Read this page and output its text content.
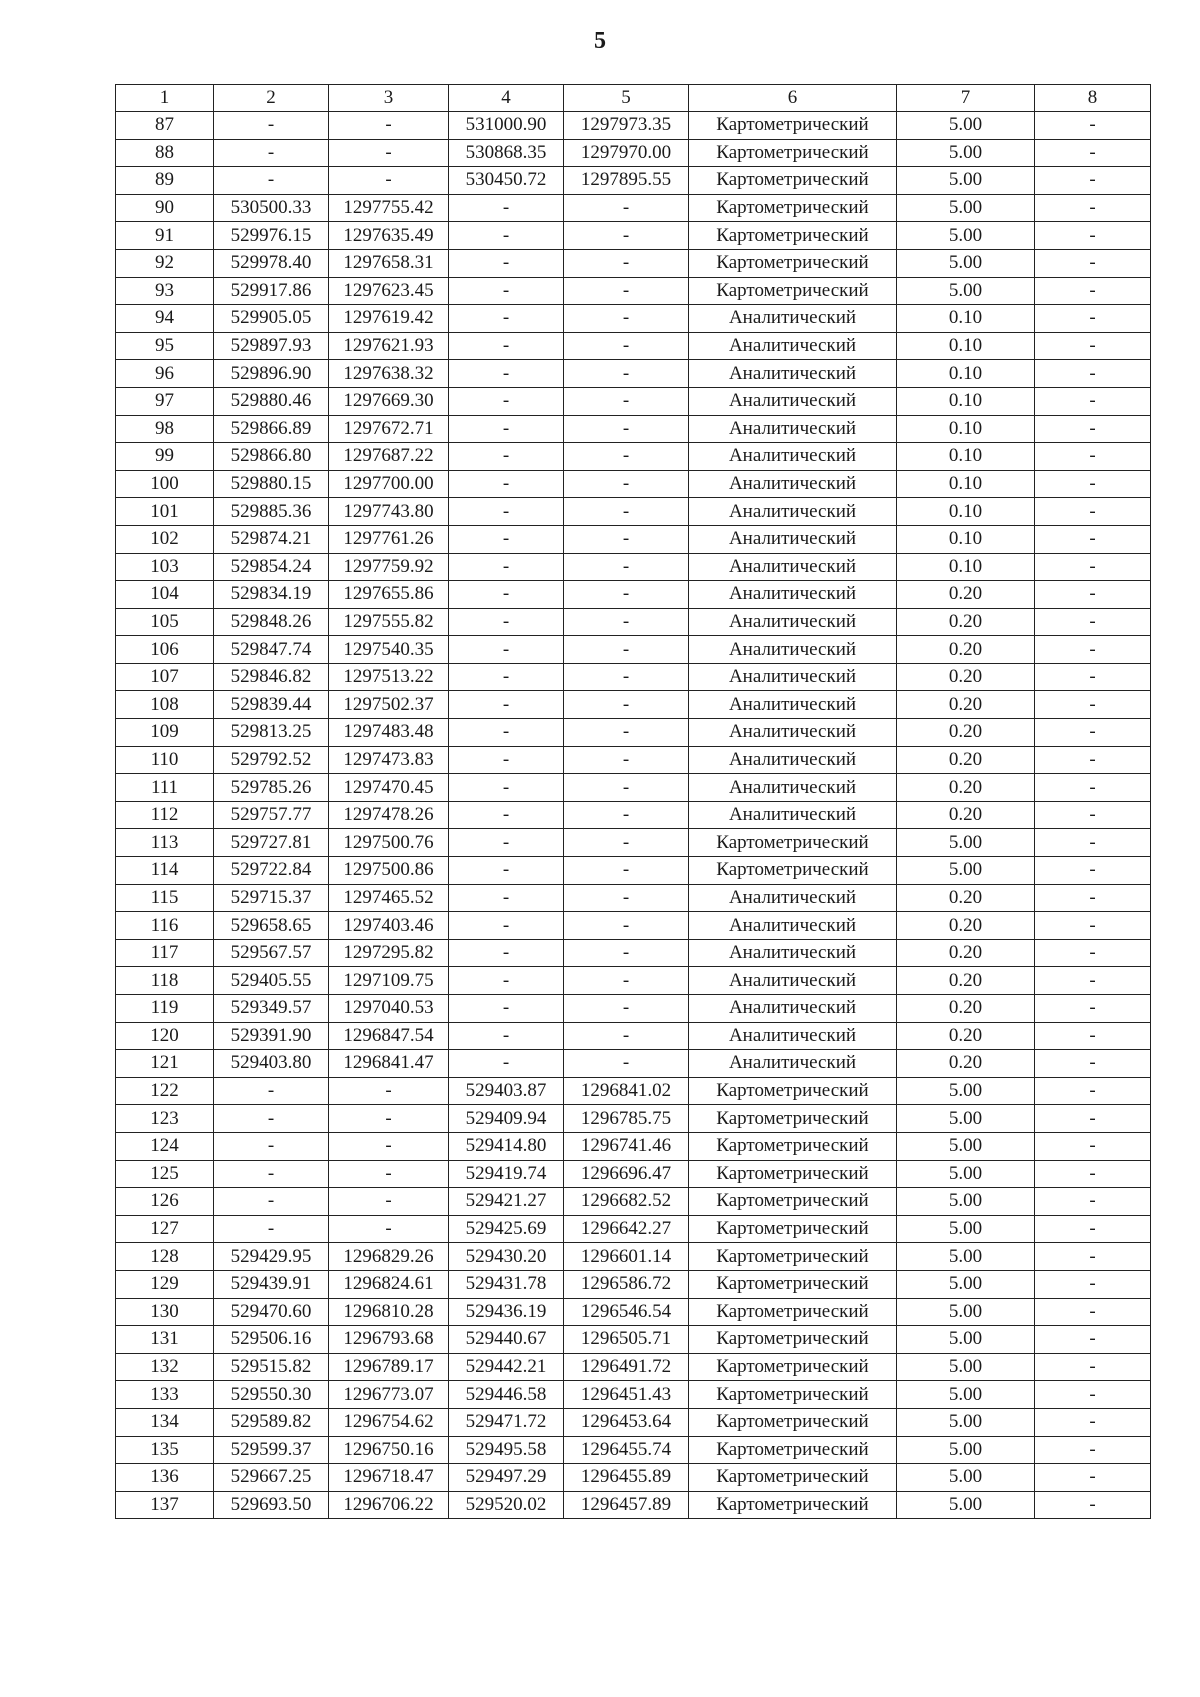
5
1	2	3	4	5	6	7	8
87	-	-	531000.90	1297973.35	Картометрический	5.00	-
88	-	-	530868.35	1297970.00	Картометрический	5.00	-
89	-	-	530450.72	1297895.55	Картометрический	5.00	-
90	530500.33	1297755.42	-	-	Картометрический	5.00	-
91	529976.15	1297635.49	-	-	Картометрический	5.00	-
92	529978.40	1297658.31	-	-	Картометрический	5.00	-
93	529917.86	1297623.45	-	-	Картометрический	5.00	-
94	529905.05	1297619.42	-	-	Аналитический	0.10	-
95	529897.93	1297621.93	-	-	Аналитический	0.10	-
96	529896.90	1297638.32	-	-	Аналитический	0.10	-
97	529880.46	1297669.30	-	-	Аналитический	0.10	-
98	529866.89	1297672.71	-	-	Аналитический	0.10	-
99	529866.80	1297687.22	-	-	Аналитический	0.10	-
100	529880.15	1297700.00	-	-	Аналитический	0.10	-
101	529885.36	1297743.80	-	-	Аналитический	0.10	-
102	529874.21	1297761.26	-	-	Аналитический	0.10	-
103	529854.24	1297759.92	-	-	Аналитический	0.10	-
104	529834.19	1297655.86	-	-	Аналитический	0.20	-
105	529848.26	1297555.82	-	-	Аналитический	0.20	-
106	529847.74	1297540.35	-	-	Аналитический	0.20	-
107	529846.82	1297513.22	-	-	Аналитический	0.20	-
108	529839.44	1297502.37	-	-	Аналитический	0.20	-
109	529813.25	1297483.48	-	-	Аналитический	0.20	-
110	529792.52	1297473.83	-	-	Аналитический	0.20	-
111	529785.26	1297470.45	-	-	Аналитический	0.20	-
112	529757.77	1297478.26	-	-	Аналитический	0.20	-
113	529727.81	1297500.76	-	-	Картометрический	5.00	-
114	529722.84	1297500.86	-	-	Картометрический	5.00	-
115	529715.37	1297465.52	-	-	Аналитический	0.20	-
116	529658.65	1297403.46	-	-	Аналитический	0.20	-
117	529567.57	1297295.82	-	-	Аналитический	0.20	-
118	529405.55	1297109.75	-	-	Аналитический	0.20	-
119	529349.57	1297040.53	-	-	Аналитический	0.20	-
120	529391.90	1296847.54	-	-	Аналитический	0.20	-
121	529403.80	1296841.47	-	-	Аналитический	0.20	-
122	-	-	529403.87	1296841.02	Картометрический	5.00	-
123	-	-	529409.94	1296785.75	Картометрический	5.00	-
124	-	-	529414.80	1296741.46	Картометрический	5.00	-
125	-	-	529419.74	1296696.47	Картометрический	5.00	-
126	-	-	529421.27	1296682.52	Картометрический	5.00	-
127	-	-	529425.69	1296642.27	Картометрический	5.00	-
128	529429.95	1296829.26	529430.20	1296601.14	Картометрический	5.00	-
129	529439.91	1296824.61	529431.78	1296586.72	Картометрический	5.00	-
130	529470.60	1296810.28	529436.19	1296546.54	Картометрический	5.00	-
131	529506.16	1296793.68	529440.67	1296505.71	Картометрический	5.00	-
132	529515.82	1296789.17	529442.21	1296491.72	Картометрический	5.00	-
133	529550.30	1296773.07	529446.58	1296451.43	Картометрический	5.00	-
134	529589.82	1296754.62	529471.72	1296453.64	Картометрический	5.00	-
135	529599.37	1296750.16	529495.58	1296455.74	Картометрический	5.00	-
136	529667.25	1296718.47	529497.29	1296455.89	Картометрический	5.00	-
137	529693.50	1296706.22	529520.02	1296457.89	Картометрический	5.00	-
